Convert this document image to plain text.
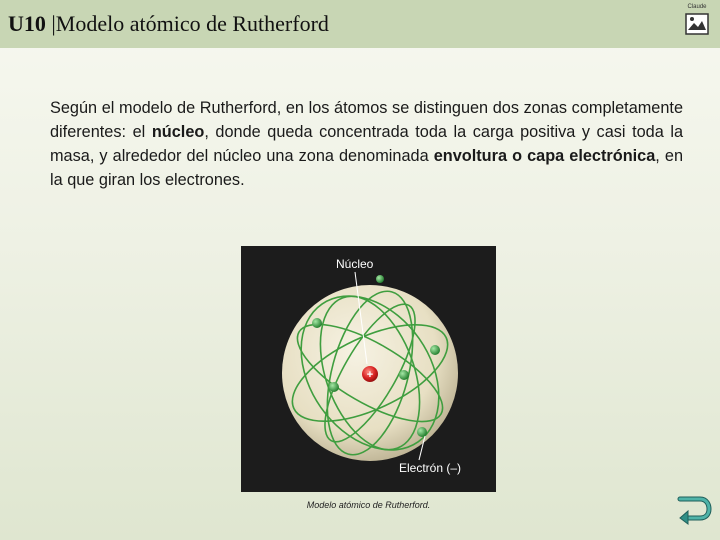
U10 |Modelo atómico de Rutherford
Claude

Según el modelo de Rutherford, en los átomos se distinguen dos zonas completamente diferentes: el núcleo, donde queda concentrada toda la carga positiva y casi toda la masa, y alrededor del núcleo una zona denominada envoltura o capa electrónica, en la que giran los electrones.

+
Núcleo
Electrón (–)
Modelo atómico de Rutherford.
